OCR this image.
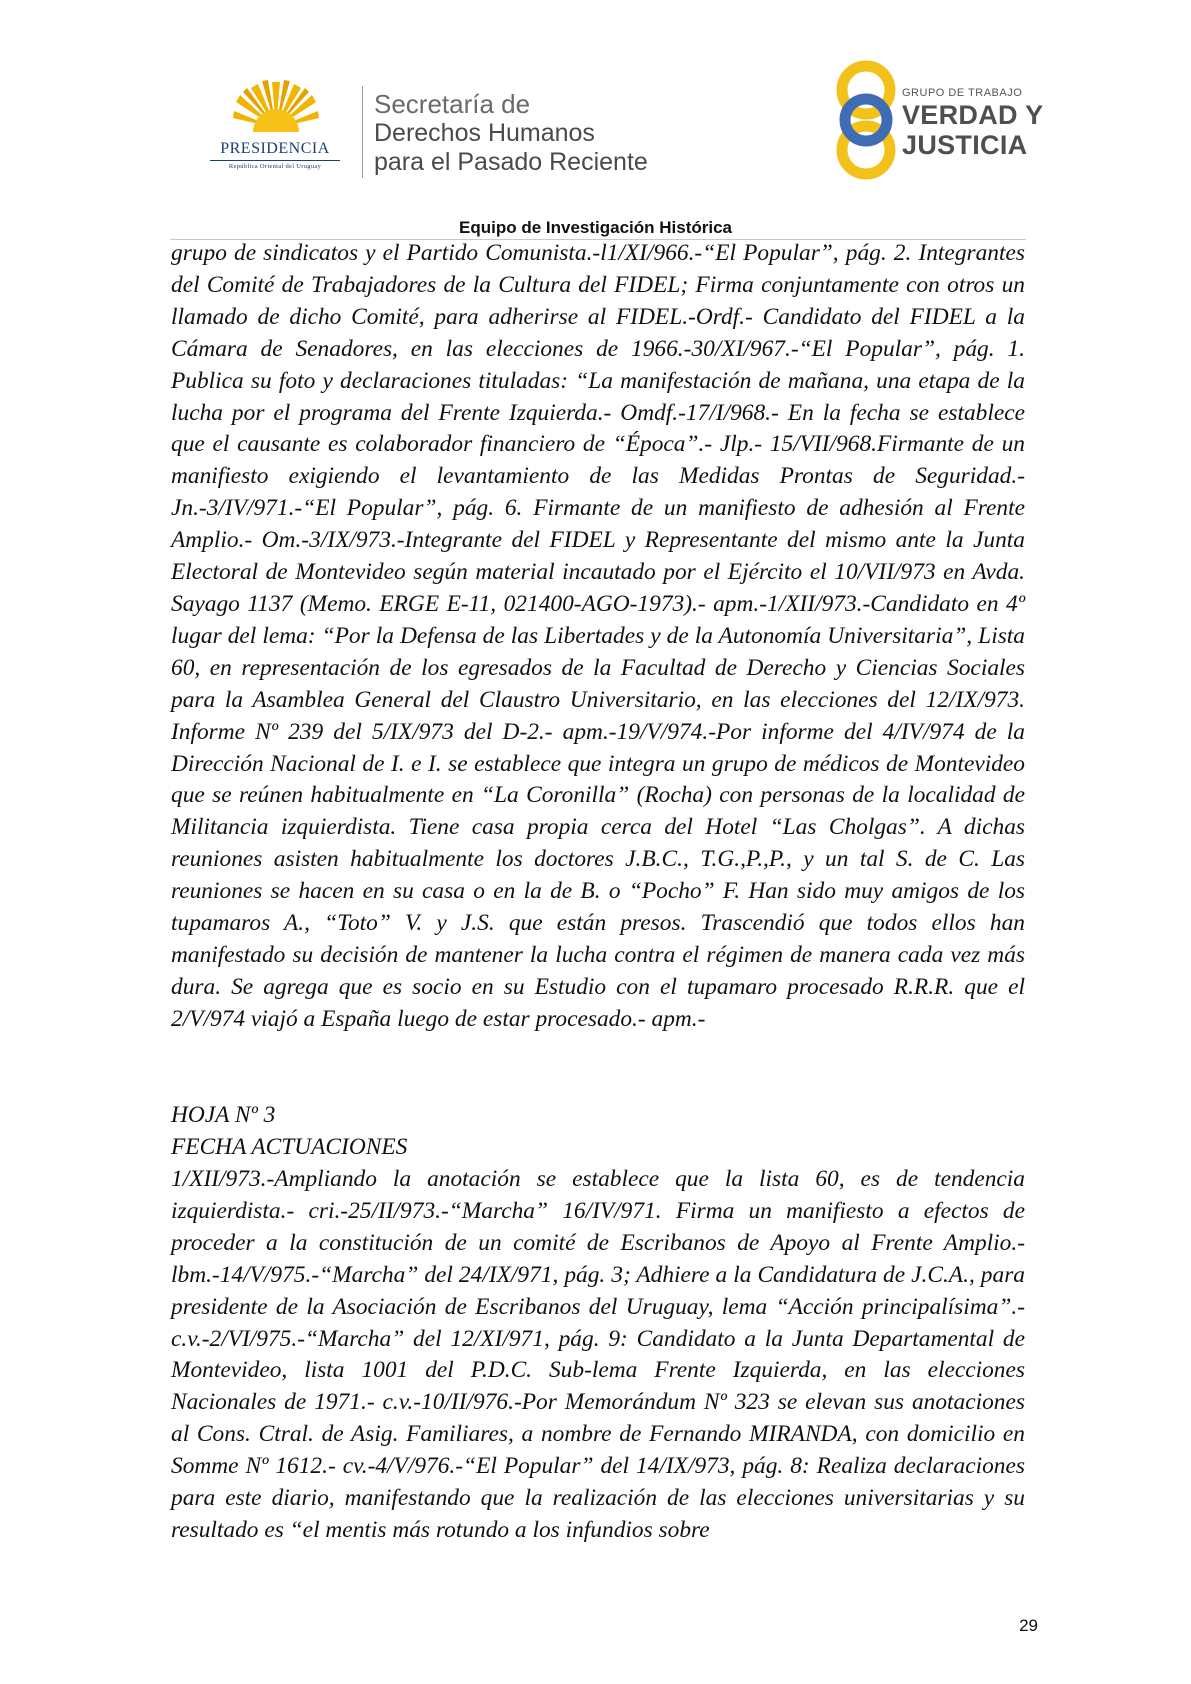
PRESIDENCIA
República Oriental del Uruguay
Secretaría de
Derechos Humanos
para el Pasado Reciente
GRUPO DE TRABAJO
VERDAD Y
JUSTICIA
Equipo de Investigación Histórica

grupo de sindicatos y el Partido Comunista.-l1/XI/966.-“El Popular”, pág. 2. Integrantes del Comité de Trabajadores de la Cultura del FIDEL; Firma conjuntamente con otros un llamado de dicho Comité, para adherirse al FIDEL.-Ordf.- Candidato del FIDEL a la Cámara de Senadores, en las elecciones de 1966.-30/XI/967.-“El Popular”, pág. 1. Publica su foto y declaraciones tituladas: “La manifestación de mañana, una etapa de la lucha por el programa del Frente Izquierda.- Omdf.-17/I/968.- En la fecha se establece que el causante es colaborador financiero de “Época”.- Jlp.- 15/VII/968.Firmante de un manifiesto exigiendo el levantamiento de las Medidas Prontas de Seguridad.- Jn.-3/IV/971.-“El Popular”, pág. 6. Firmante de un manifiesto de adhesión al Frente Amplio.- Om.-3/IX/973.-Integrante del FIDEL y Representante del mismo ante la Junta Electoral de Montevideo según material incautado por el Ejército el 10/VII/973 en Avda. Sayago 1137 (Memo. ERGE E-11, 021400-AGO-1973).- apm.-1/XII/973.-Candidato en 4º lugar del lema: “Por la Defensa de las Libertades y de la Autonomía Universitaria”, Lista 60, en representación de los egresados de la Facultad de Derecho y Ciencias Sociales para la Asamblea General del Claustro Universitario, en las elecciones del 12/IX/973. Informe Nº 239 del 5/IX/973 del D-2.- apm.-19/V/974.-Por informe del 4/IV/974 de la Dirección Nacional de I. e I. se establece que integra un grupo de médicos de Montevideo que se reúnen habitualmente en “La Coronilla” (Rocha) con personas de la localidad de Militancia izquierdista. Tiene casa propia cerca del Hotel “Las Cholgas”. A dichas reuniones asisten habitualmente los doctores J.B.C., T.G.,P.,P., y un tal S. de C. Las reuniones se hacen en su casa o en la de B. o “Pocho” F. Han sido muy amigos de los tupamaros A., “Toto” V. y J.S. que están presos. Trascendió que todos ellos han manifestado su decisión de mantener la lucha contra el régimen de manera cada vez más dura. Se agrega que es socio en su Estudio con el tupamaro procesado R.R.R. que el 2/V/974 viajó a España luego de estar procesado.- apm.-

HOJA Nº 3

FECHA ACTUACIONES

1/XII/973.-Ampliando la anotación se establece que la lista 60, es de tendencia izquierdista.- cri.-25/II/973.-“Marcha” 16/IV/971. Firma un manifiesto a efectos de proceder a la constitución de un comité de Escribanos de Apoyo al Frente Amplio.- lbm.-14/V/975.-“Marcha” del 24/IX/971, pág. 3; Adhiere a la Candidatura de J.C.A., para presidente de la Asociación de Escribanos del Uruguay, lema “Acción principalísima”.- c.v.-2/VI/975.-“Marcha” del 12/XI/971, pág. 9: Candidato a la Junta Departamental de Montevideo, lista 1001 del P.D.C. Sub-lema Frente Izquierda, en las elecciones Nacionales de 1971.- c.v.-10/II/976.-Por Memorándum Nº 323 se elevan sus anotaciones al Cons. Ctral. de Asig. Familiares, a nombre de Fernando MIRANDA, con domicilio en Somme Nº 1612.- cv.-4/V/976.-“El Popular” del 14/IX/973, pág. 8: Realiza declaraciones para este diario, manifestando que la realización de las elecciones universitarias y su resultado es “el mentis más rotundo a los infundios sobre

29
